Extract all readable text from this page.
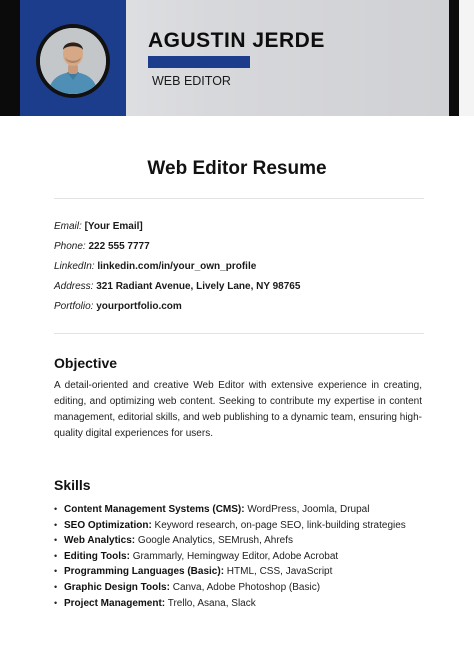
AGUSTIN JERDE
WEB EDITOR
Web Editor Resume
Email: [Your Email]
Phone: 222 555 7777
LinkedIn: linkedin.com/in/your_own_profile
Address: 321 Radiant Avenue, Lively Lane, NY 98765
Portfolio: yourportfolio.com
Objective
A detail-oriented and creative Web Editor with extensive experience in creating, editing, and optimizing web content. Seeking to contribute my expertise in content management, editorial skills, and web publishing to a dynamic team, ensuring high-quality digital experiences for users.
Skills
• Content Management Systems (CMS): WordPress, Joomla, Drupal
• SEO Optimization: Keyword research, on-page SEO, link-building strategies
• Web Analytics: Google Analytics, SEMrush, Ahrefs
• Editing Tools: Grammarly, Hemingway Editor, Adobe Acrobat
• Programming Languages (Basic): HTML, CSS, JavaScript
• Graphic Design Tools: Canva, Adobe Photoshop (Basic)
• Project Management: Trello, Asana, Slack
